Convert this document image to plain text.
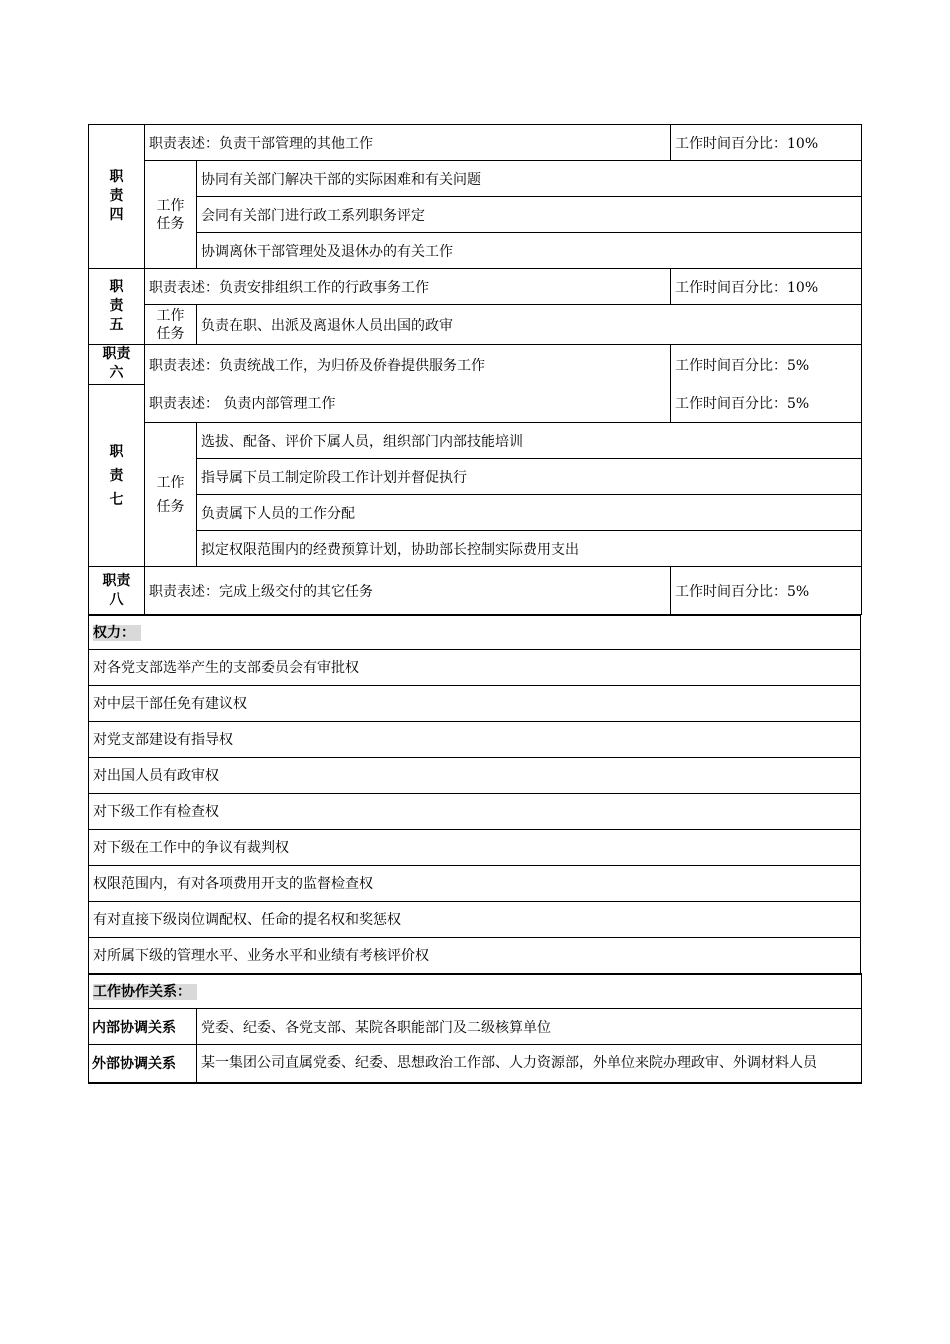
职
责
四	职责表述：负责干部管理的其他工作		工作时间百分比：10%
	工作
任务	协同有关部门解决干部的实际困难和有关问题	
		会同有关部门进行政工系列职务评定	
		协调离休干部管理处及退休办的有关工作	
职
责
五	职责表述：负责安排组织工作的行政事务工作		工作时间百分比：10%
	工作
任务	负责在职、出派及离退休人员出国的政审	
职责
六	职责表述：负责统战工作，为归侨及侨眷提供服务工作		工作时间百分比：5%
职
责
七	职责表述： 负责内部管理工作		工作时间百分比：5%
	工作
任务	选拔、配备、评价下属人员，组织部门内部技能培训	
		指导属下员工制定阶段工作计划并督促执行	
		负责属下人员的工作分配	
		拟定权限范围内的经费预算计划，协助部长控制实际费用支出	
职责
八	职责表述：完成上级交付的其它任务		工作时间百分比：5%
权力：
对各党支部选举产生的支部委员会有审批权
对中层干部任免有建议权
对党支部建设有指导权
对出国人员有政审权
对下级工作有检查权
对下级在工作中的争议有裁判权
权限范围内，有对各项费用开支的监督检查权
有对直接下级岗位调配权、任命的提名权和奖惩权
对所属下级的管理水平、业务水平和业绩有考核评价权
工作协作关系：	
内部协调关系	党委、纪委、各党支部、某院各职能部门及二级核算单位
外部协调关系	某一集团公司直属党委、纪委、思想政治工作部、人力资源部，外单位来院办理政审、外调材料人员
